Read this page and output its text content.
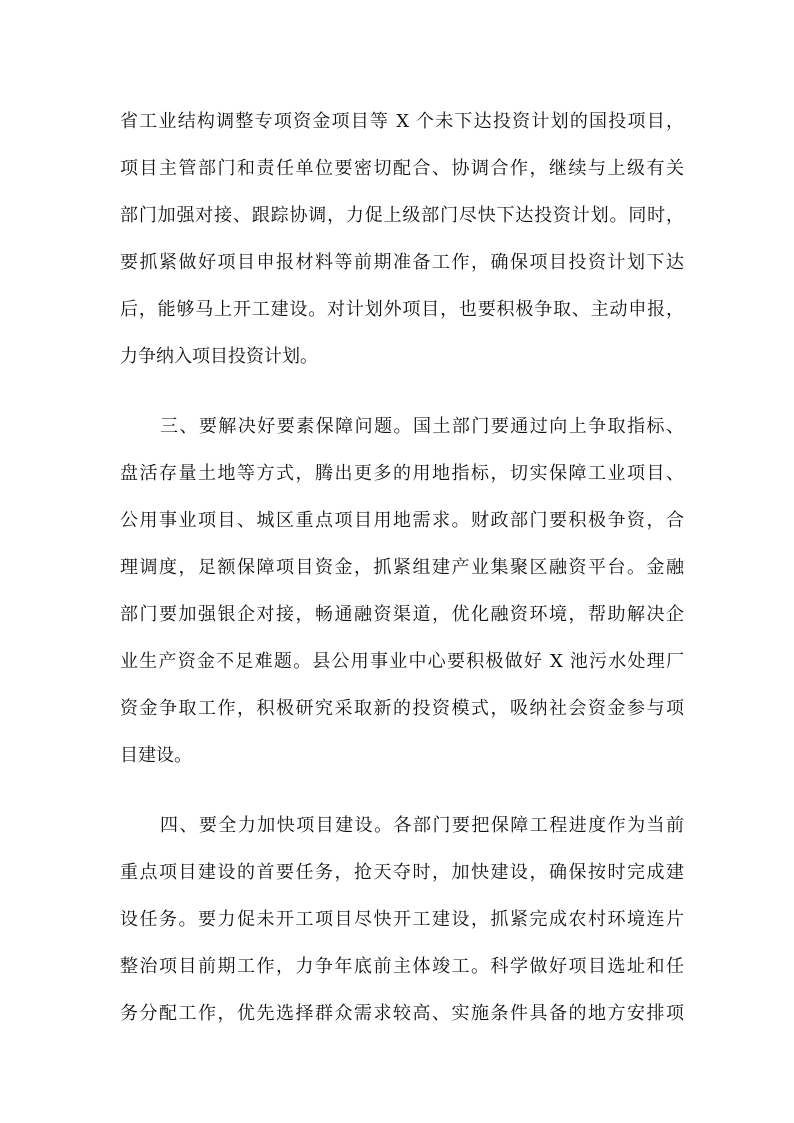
省工业结构调整专项资金项目等 X 个未下达投资计划的国投项目，
项目主管部门和责任单位要密切配合、协调合作，继续与上级有关
部门加强对接、跟踪协调，力促上级部门尽快下达投资计划。同时，
要抓紧做好项目申报材料等前期准备工作，确保项目投资计划下达
后，能够马上开工建设。对计划外项目，也要积极争取、主动申报，
力争纳入项目投资计划。
三、要解决好要素保障问题。国土部门要通过向上争取指标、
盘活存量土地等方式，腾出更多的用地指标，切实保障工业项目、
公用事业项目、城区重点项目用地需求。财政部门要积极争资，合
理调度，足额保障项目资金，抓紧组建产业集聚区融资平台。金融
部门要加强银企对接，畅通融资渠道，优化融资环境，帮助解决企
业生产资金不足难题。县公用事业中心要积极做好 X 池污水处理厂
资金争取工作，积极研究采取新的投资模式，吸纳社会资金参与项
目建设。
四、要全力加快项目建设。各部门要把保障工程进度作为当前
重点项目建设的首要任务，抢天夺时，加快建设，确保按时完成建
设任务。要力促未开工项目尽快开工建设，抓紧完成农村环境连片
整治项目前期工作，力争年底前主体竣工。科学做好项目选址和任
务分配工作，优先选择群众需求较高、实施条件具备的地方安排项
